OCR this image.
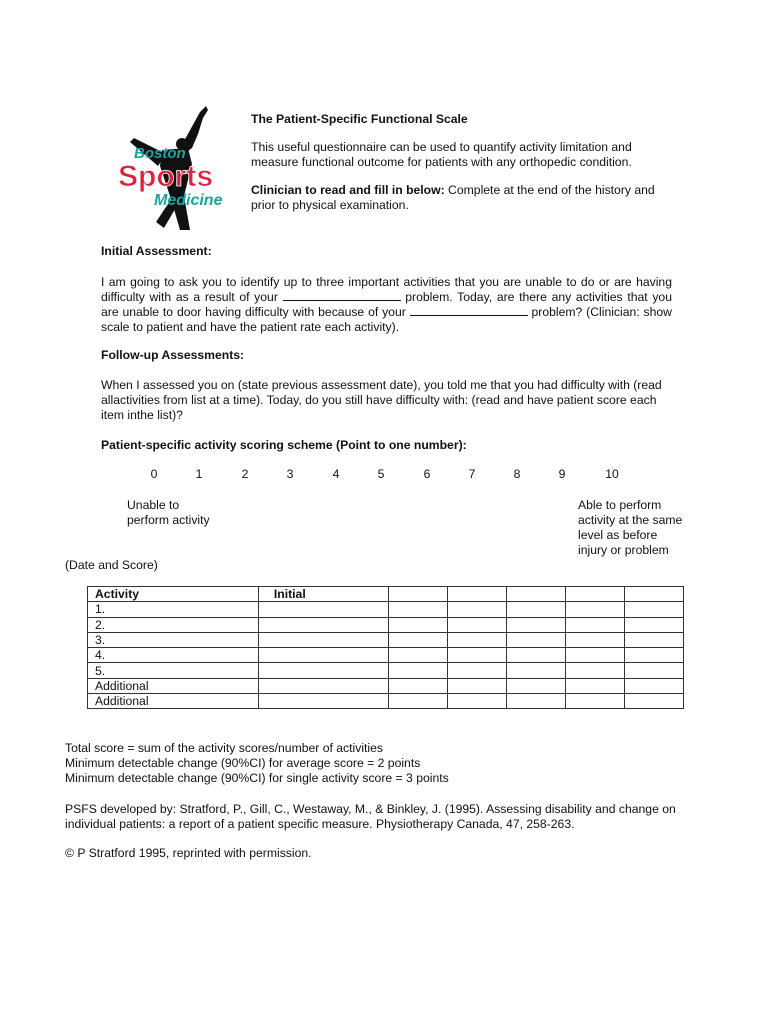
Boston
Sports
Medicine

The Patient-Specific Functional Scale

This useful questionnaire can be used to quantify activity limitation and measure functional outcome for patients with any orthopedic condition.

Clinician to read and fill in below: Complete at the end of the history and prior to physical examination.

Initial Assessment:

I am going to ask you to identify up to three important activities that you are unable to do or are having difficulty with as a result of your	problem. Today, are there any activities that you are unable to door having difficulty with because of your	problem? (Clinician: show scale to patient and have the patient rate each activity).

Follow-up Assessments:

When I assessed you on (state previous assessment date), you told me that you had difficulty with (read allactivities from list at a time). Today, do you still have difficulty with: (read and have patient score each item inthe list)?

Patient-specific activity scoring scheme (Point to one number):

0	1	2	3	4	5	6	7	8	9	10

Unable to

perform activity

Able to perform

activity at the same

level as before

injury or problem

(Date and Score)

Activity	Initial					
1.						
2.						
3.						
4.						
5.						
Additional						
Additional						

Total score = sum of the activity scores/number of activities

Minimum detectable change (90%CI) for average score = 2 points

Minimum detectable change (90%CI) for single activity score = 3 points

PSFS developed by: Stratford, P., Gill, C., Westaway, M., & Binkley, J. (1995). Assessing disability and change on individual patients: a report of a patient specific measure. Physiotherapy Canada, 47, 258-263.

© P Stratford 1995, reprinted with permission.
